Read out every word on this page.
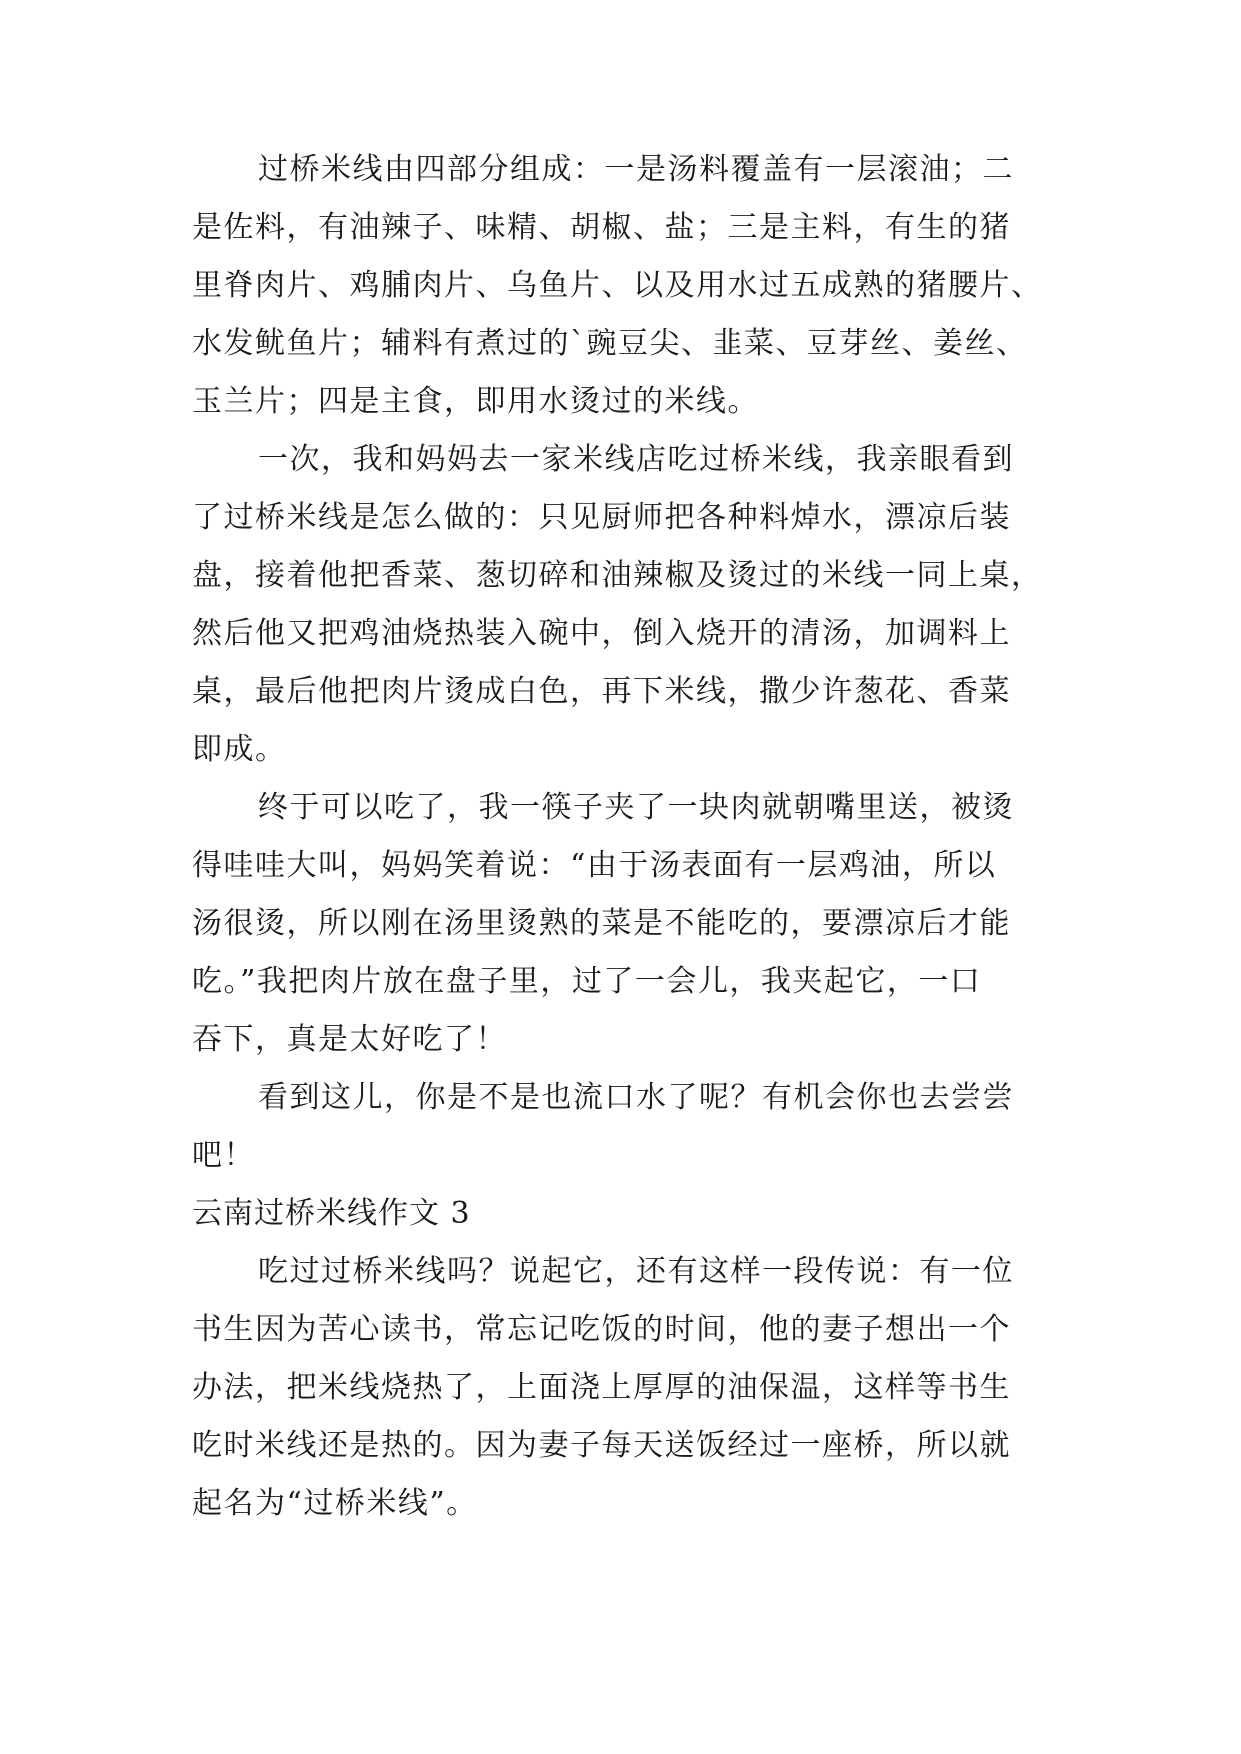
过桥米线由四部分组成：一是汤料覆盖有一层滚油；二

是佐料，有油辣子、味精、胡椒、盐；三是主料，有生的猪

里脊肉片、鸡脯肉片、乌鱼片、以及用水过五成熟的猪腰片、

水发鱿鱼片；辅料有煮过的`豌豆尖、韭菜、豆芽丝、姜丝、

玉兰片；四是主食，即用水烫过的米线。

一次，我和妈妈去一家米线店吃过桥米线，我亲眼看到

了过桥米线是怎么做的：只见厨师把各种料焯水，漂凉后装

盘，接着他把香菜、葱切碎和油辣椒及烫过的米线一同上桌，

然后他又把鸡油烧热装入碗中，倒入烧开的清汤，加调料上

桌，最后他把肉片烫成白色，再下米线，撒少许葱花、香菜

即成。

终于可以吃了，我一筷子夹了一块肉就朝嘴里送，被烫

得哇哇大叫，妈妈笑着说：“由于汤表面有一层鸡油，所以

汤很烫，所以刚在汤里烫熟的菜是不能吃的，要漂凉后才能

吃。”我把肉片放在盘子里，过了一会儿，我夹起它，一口

吞下，真是太好吃了！

看到这儿，你是不是也流口水了呢？有机会你也去尝尝

吧！

云南过桥米线作文 3

吃过过桥米线吗？说起它，还有这样一段传说：有一位

书生因为苦心读书，常忘记吃饭的时间，他的妻子想出一个

办法，把米线烧热了，上面浇上厚厚的油保温，这样等书生

吃时米线还是热的。因为妻子每天送饭经过一座桥，所以就

起名为“过桥米线”。
